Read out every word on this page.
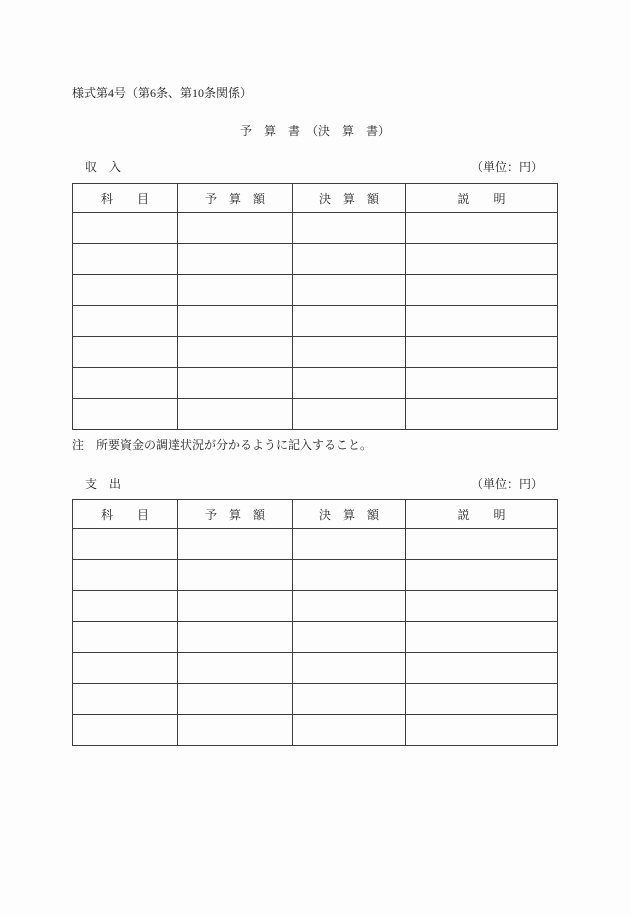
様式第4号（第6条、第10条関係）
予　算　書　（決　算　書）
収　入	（単位：円）
科　　目	予　算　額	決　算　額	説　　明

注　所要資金の調達状況が分かるように記入すること。
支　出	（単位：円）
科　　目	予　算　額	決　算　額	説　　明
